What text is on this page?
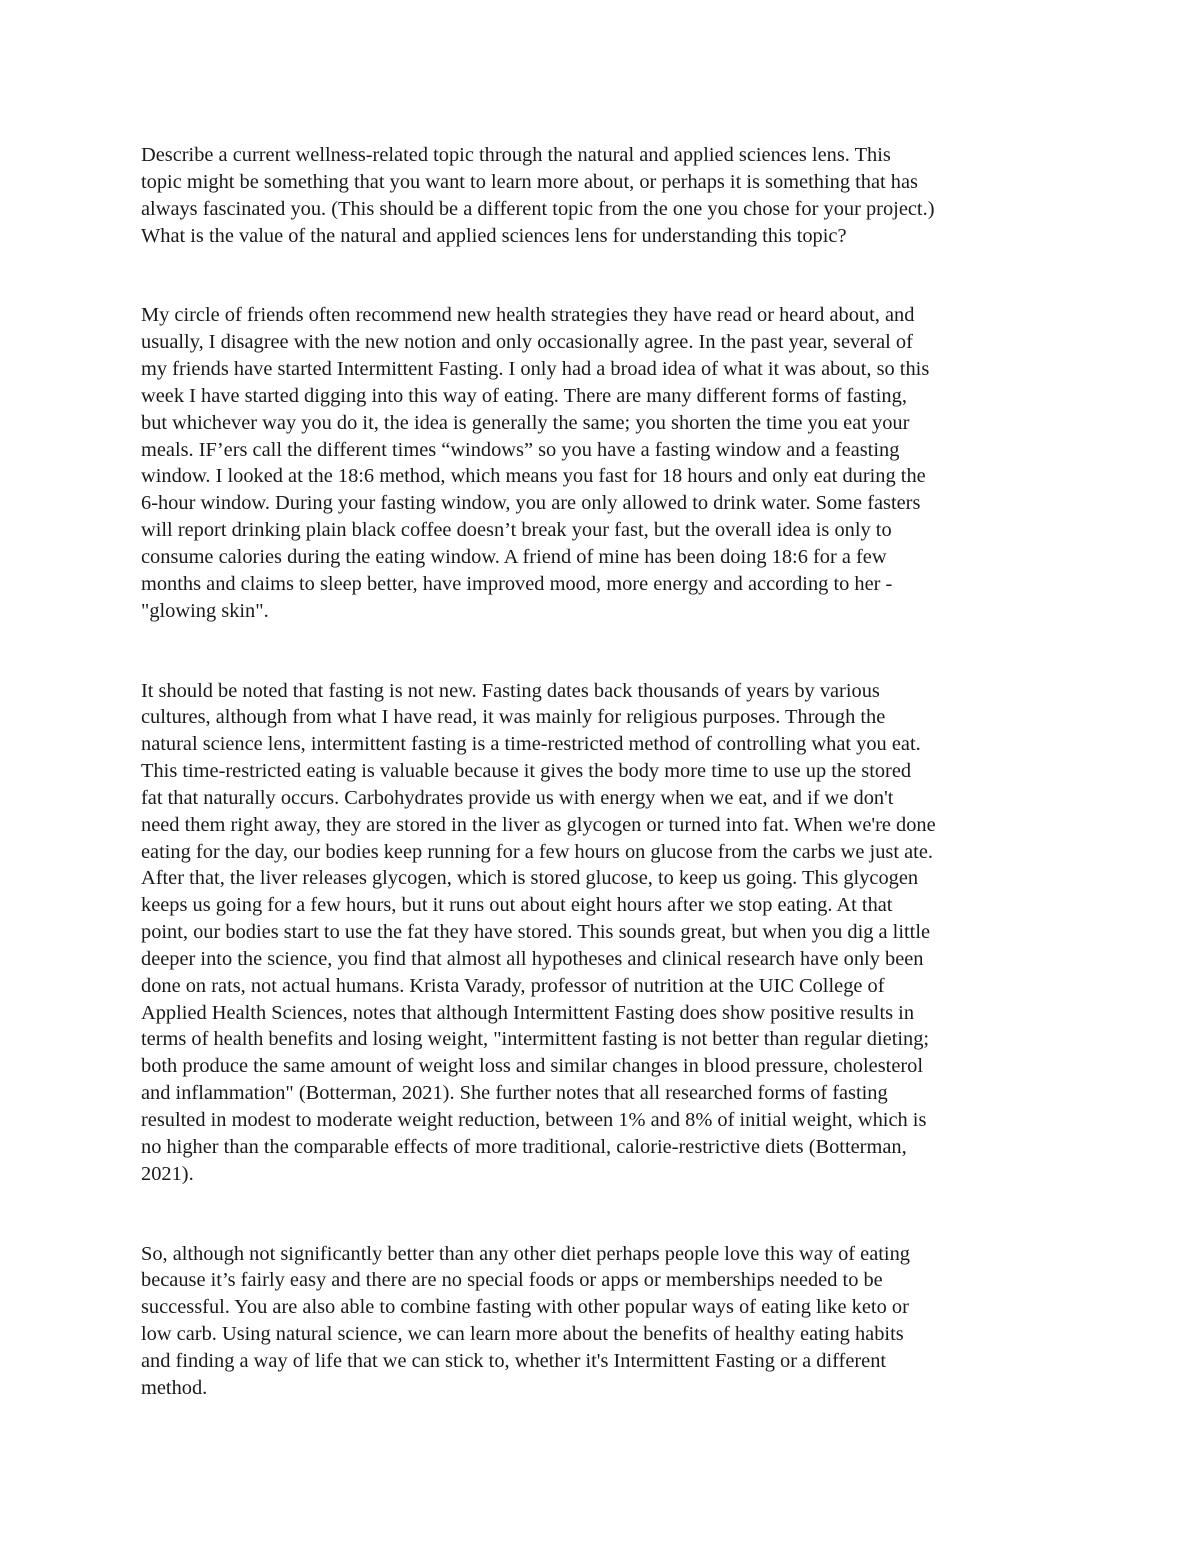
Describe a current wellness-related topic through the natural and applied sciences lens. This
topic might be something that you want to learn more about, or perhaps it is something that has
always fascinated you. (This should be a different topic from the one you chose for your project.)
What is the value of the natural and applied sciences lens for understanding this topic?

My circle of friends often recommend new health strategies they have read or heard about, and
usually, I disagree with the new notion and only occasionally agree. In the past year, several of
my friends have started Intermittent Fasting. I only had a broad idea of what it was about, so this
week I have started digging into this way of eating. There are many different forms of fasting,
but whichever way you do it, the idea is generally the same; you shorten the time you eat your
meals. IF’ers call the different times “windows” so you have a fasting window and a feasting
window. I looked at the 18:6 method, which means you fast for 18 hours and only eat during the
6-hour window. During your fasting window, you are only allowed to drink water. Some fasters
will report drinking plain black coffee doesn’t break your fast, but the overall idea is only to
consume calories during the eating window. A friend of mine has been doing 18:6 for a few
months and claims to sleep better, have improved mood, more energy and according to her -
"glowing skin".

It should be noted that fasting is not new. Fasting dates back thousands of years by various
cultures, although from what I have read, it was mainly for religious purposes. Through the
natural science lens, intermittent fasting is a time-restricted method of controlling what you eat.
This time-restricted eating is valuable because it gives the body more time to use up the stored
fat that naturally occurs. Carbohydrates provide us with energy when we eat, and if we don't
need them right away, they are stored in the liver as glycogen or turned into fat. When we're done
eating for the day, our bodies keep running for a few hours on glucose from the carbs we just ate.
After that, the liver releases glycogen, which is stored glucose, to keep us going. This glycogen
keeps us going for a few hours, but it runs out about eight hours after we stop eating. At that
point, our bodies start to use the fat they have stored. This sounds great, but when you dig a little
deeper into the science, you find that almost all hypotheses and clinical research have only been
done on rats, not actual humans. Krista Varady, professor of nutrition at the UIC College of
Applied Health Sciences, notes that although Intermittent Fasting does show positive results in
terms of health benefits and losing weight, "intermittent fasting is not better than regular dieting;
both produce the same amount of weight loss and similar changes in blood pressure, cholesterol
and inflammation" (Botterman, 2021). She further notes that all researched forms of fasting
resulted in modest to moderate weight reduction, between 1% and 8% of initial weight, which is
no higher than the comparable effects of more traditional, calorie-restrictive diets (Botterman,
2021).

So, although not significantly better than any other diet perhaps people love this way of eating
because it’s fairly easy and there are no special foods or apps or memberships needed to be
successful. You are also able to combine fasting with other popular ways of eating like keto or
low carb. Using natural science, we can learn more about the benefits of healthy eating habits
and finding a way of life that we can stick to, whether it's Intermittent Fasting or a different
method.
